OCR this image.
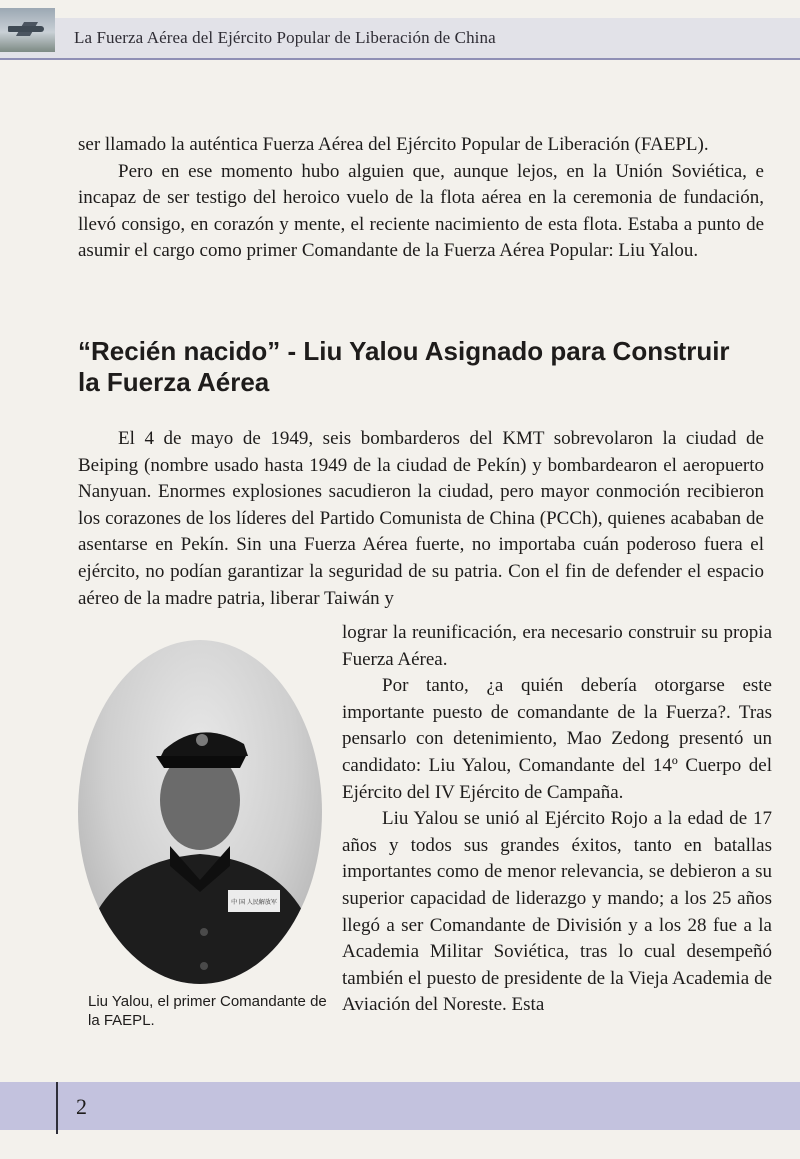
La Fuerza Aérea del Ejército Popular de Liberación de China

ser llamado la auténtica Fuerza Aérea del Ejército Popular de Liberación (FAEPL).

Pero en ese momento hubo alguien que, aunque lejos, en la Unión Soviética, e incapaz de ser testigo del heroico vuelo de la flota aérea en la ceremonia de fundación, llevó consigo, en corazón y mente, el reciente nacimiento de esta flota. Estaba a punto de asumir el cargo como primer Comandante de la Fuerza Aérea Popular: Liu Yalou.

“Recién nacido” - Liu Yalou Asignado para Construir la Fuerza Aérea

El 4 de mayo de 1949, seis bombarderos del KMT sobrevolaron la ciudad de Beiping (nombre usado hasta 1949 de la ciudad de Pekín) y bombardearon el aeropuerto Nanyuan. Enormes explosiones sacudieron la ciudad, pero mayor conmoción recibieron los corazones de los líderes del Partido Comunista de China (PCCh), quienes acababan de asentarse en Pekín. Sin una Fuerza Aérea fuerte, no importaba cuán poderoso fuera el ejército, no podían garantizar la seguridad de su patria. Con el fin de defender el espacio aéreo de la madre patria, liberar Taiwán y

中 国 人民解放军
Liu Yalou, el primer Comandante de la FAEPL.

lograr la reunificación, era necesario construir su propia Fuerza Aérea.

Por tanto, ¿a quién debería otorgarse este importante puesto de comandante de la Fuerza?. Tras pensarlo con detenimiento, Mao Zedong presentó un candidato: Liu Yalou, Comandante del 14º Cuerpo del Ejército del IV Ejército de Campaña.

Liu Yalou se unió al Ejército Rojo a la edad de 17 años y todos sus grandes éxitos, tanto en batallas importantes como de menor relevancia, se debieron a su superior capacidad de liderazgo y mando; a los 25 años llegó a ser Comandante de División y a los 28 fue a la Academia Militar Soviética, tras lo cual desempeñó también el puesto de presidente de la Vieja Academia de Aviación del Noreste. Esta

2
